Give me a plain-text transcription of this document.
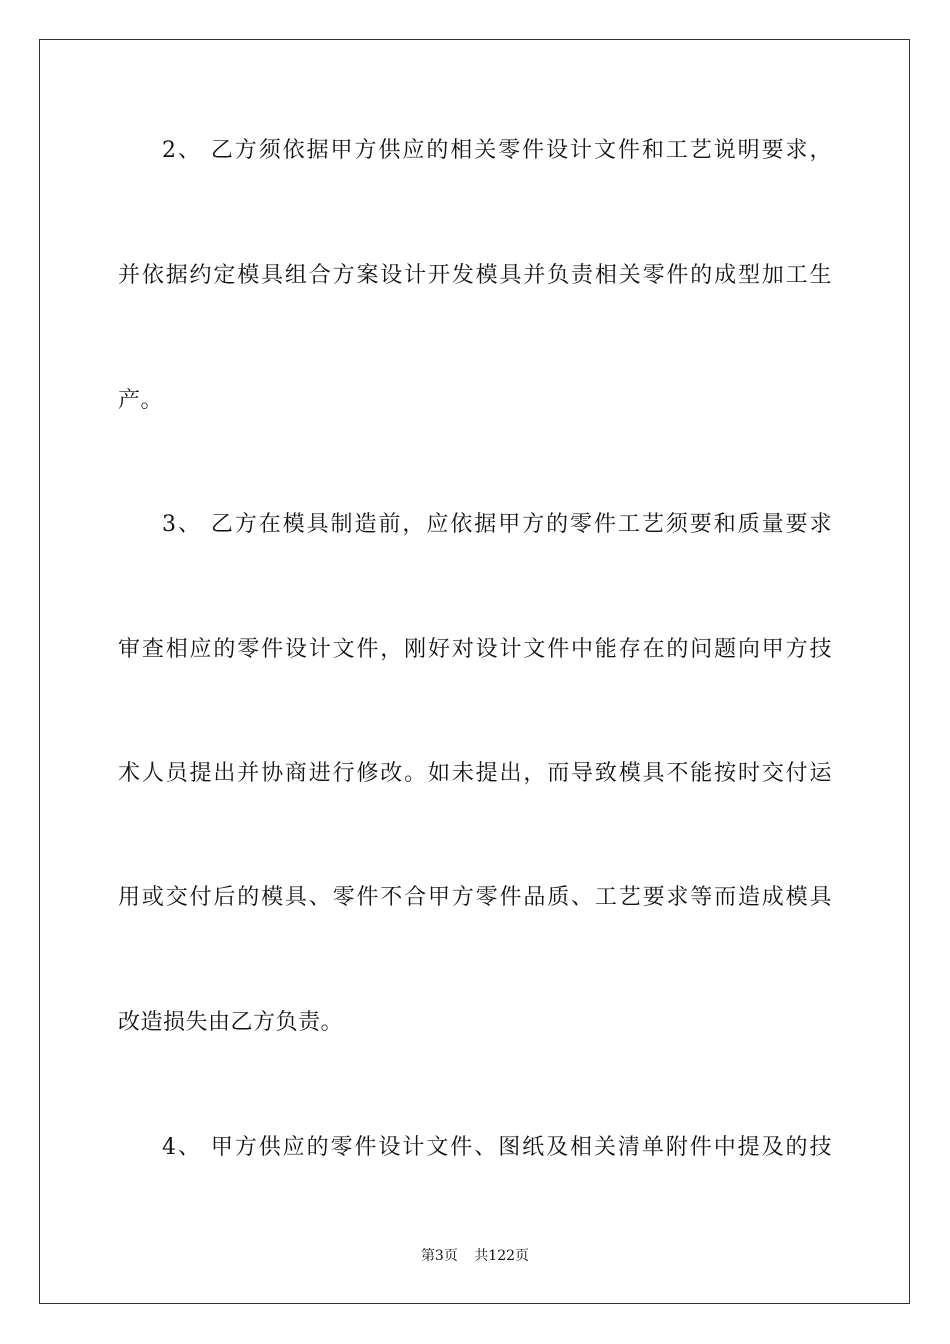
2、 乙方须依据甲方供应的相关零件设计文件和工艺说明要求，
并依据约定模具组合方案设计开发模具并负责相关零件的成型加工生
产。
3、 乙方在模具制造前，应依据甲方的零件工艺须要和质量要求
审查相应的零件设计文件，刚好对设计文件中能存在的问题向甲方技
术人员提出并协商进行修改。如未提出，而导致模具不能按时交付运
用或交付后的模具、零件不合甲方零件品质、工艺要求等而造成模具
改造损失由乙方负责。
4、 甲方供应的零件设计文件、图纸及相关清单附件中提及的技
第3页 共122页
